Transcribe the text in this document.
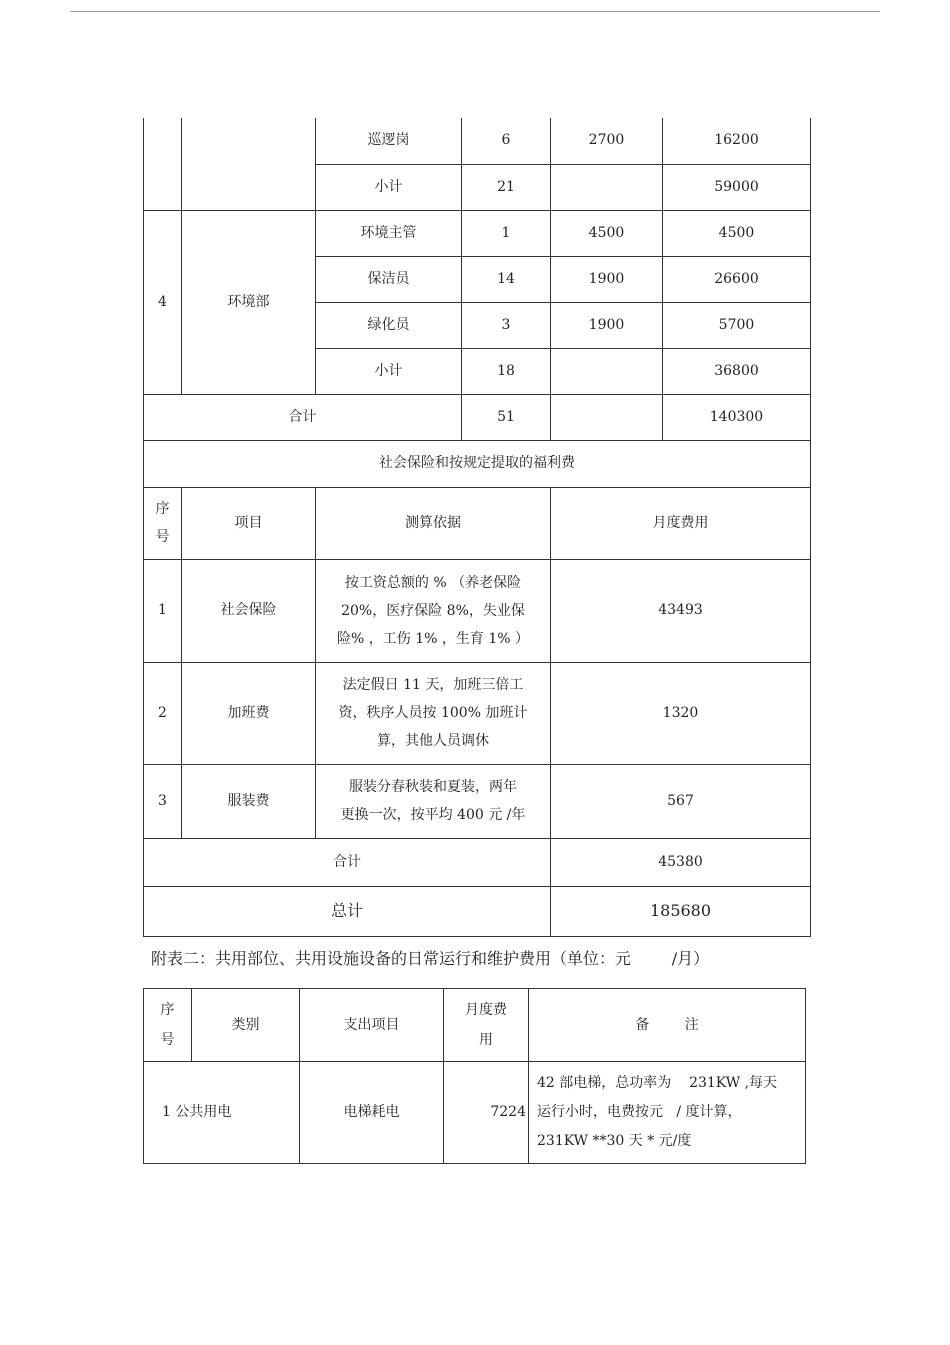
		巡逻岗	6	2700	16200
		小计	21		59000
4	环境部	环境主管	1	4500	4500
		保洁员	14	1900	26600
		绿化员	3	1900	5700
		小计	18		36800
合计			51		140300
社会保险和按规定提取的福利费					
序
号	项目	测算依据		月度费用	
1	社会保险	按工资总额的 % （养老保险
20%，医疗保险 8%，失业保
险% ，工伤 1% ，生育 1% ）		43493	
2	加班费	法定假日 11 天，加班三倍工
资，秩序人员按 100% 加班计
算，其他人员调休		1320	
3	服装费	服装分春秋装和夏装，两年
更换一次，按平均 400 元 /年		567	
合计				45380	
总计				185680	
附表二：共用部位、共用设施设备的日常运行和维护费用（单位：元        /月）
序
号	类别	支出项目	月度费
用	备        注
1 公共用电		电梯耗电	7224	42 部电梯，总功率为    231KW ,每天
运行小时，电费按元   / 度计算，
231KW **30 天 * 元/度
